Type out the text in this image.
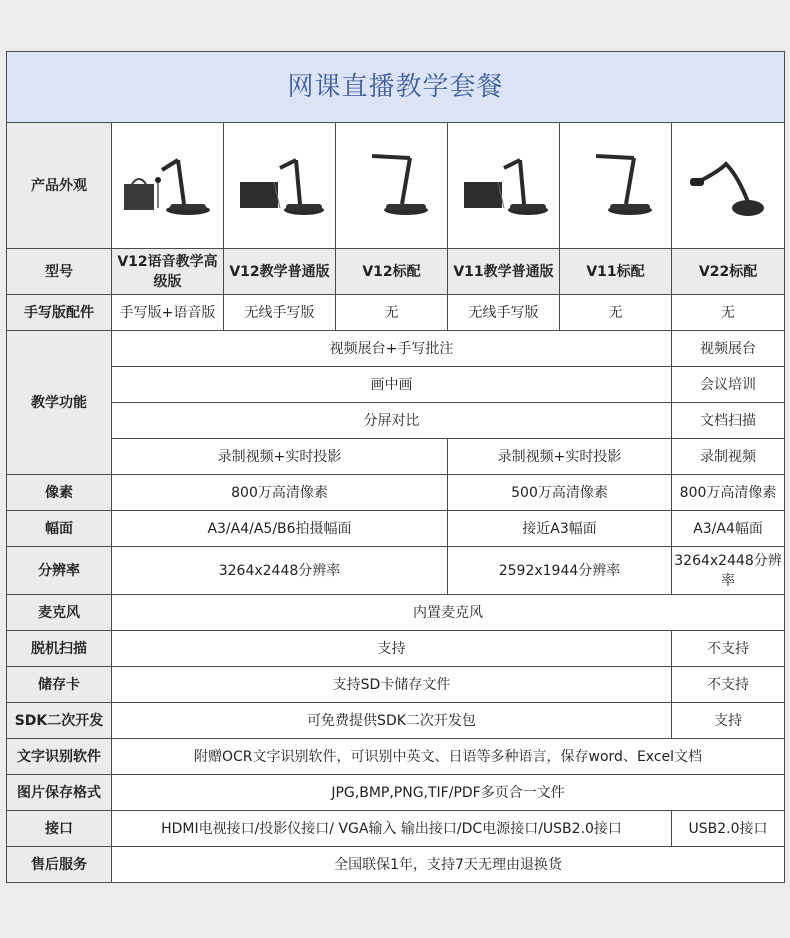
网课直播教学套餐						
产品外观	

型号	V12语音教学高级版	V12教学普通版	V12标配	V11教学普通版	V11标配	V22标配
手写版配件	手写版+语音版	无线手写版	无	无线手写版	无	无
教学功能	视频展台+手写批注					视频展台
	画中画					会议培训
	分屏对比					文档扫描
	录制视频+实时投影			录制视频+实时投影		录制视频
像素	800万高清像素			500万高清像素		800万高清像素
幅面	A3/A4/A5/B6拍摄幅面			接近A3幅面		A3/A4幅面
分辨率	3264x2448分辨率			2592x1944分辨率		3264x2448分辨率
麦克风	内置麦克风					
脱机扫描	支持					不支持
储存卡	支持SD卡储存文件					不支持
SDK二次开发	可免费提供SDK二次开发包					支持
文字识别软件	附赠OCR文字识别软件，可识别中英文、日语等多种语言，保存word、Excel文档					
图片保存格式	JPG,BMP,PNG,TIF/PDF多页合一文件					
接口	HDMI电视接口/投影仪接口/ VGA输入 输出接口/DC电源接口/USB2.0接口					USB2.0接口
售后服务	全国联保1年，支持7天无理由退换货					
